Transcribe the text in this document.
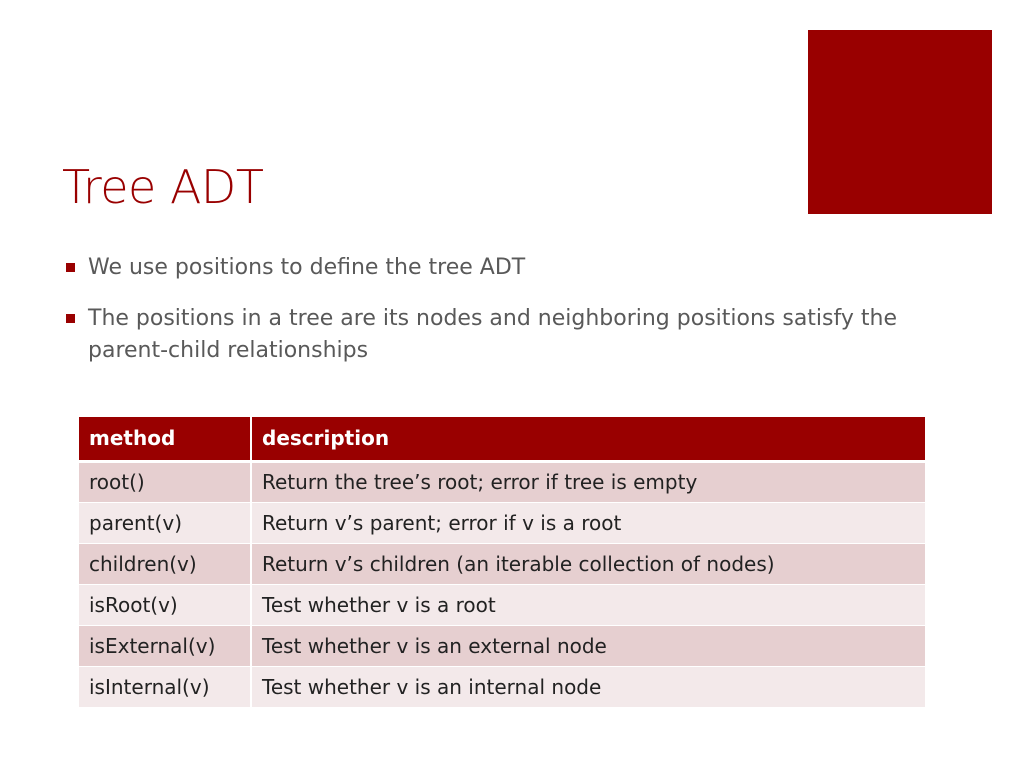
Tree ADT
We use positions to define the tree ADT
The positions in a tree are its nodes and neighboring positions satisfy the parent-child relationships
method	description
root()	Return the tree’s root; error if tree is empty
parent(v)	Return v’s parent; error if v is a root
children(v)	Return v’s children (an iterable collection of nodes)
isRoot(v)	Test whether v is a root
isExternal(v)	Test whether v is an external node
isInternal(v)	Test whether v is an internal node
